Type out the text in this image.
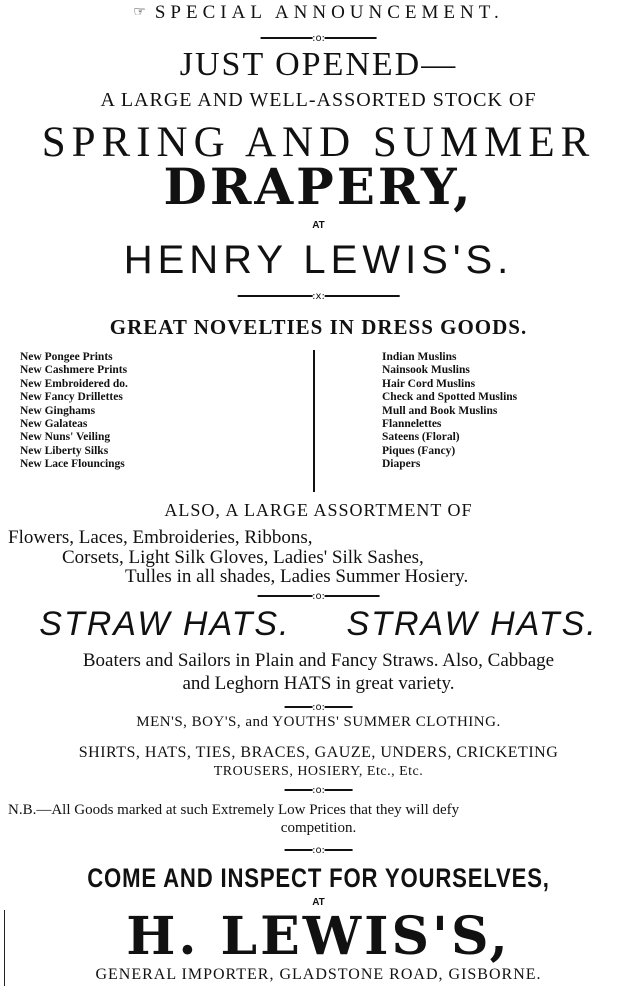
☞ SPECIAL ANNOUNCEMENT.
:o:
JUST OPENED—
A LARGE AND WELL-ASSORTED STOCK OF
SPRING AND SUMMER
DRAPERY,
AT
HENRY LEWIS'S.
:x:
GREAT NOVELTIES IN DRESS GOODS.
New Pongee Prints
New Cashmere Prints
New Embroidered do.
New Fancy Drillettes
New Ginghams
New Galateas
New Nuns' Veiling
New Liberty Silks
New Lace Flouncings
Indian Muslins
Nainsook Muslins
Hair Cord Muslins
Check and Spotted Muslins
Mull and Book Muslins
Flannelettes
Sateens (Floral)
Piques (Fancy)
Diapers
ALSO, A LARGE ASSORTMENT OF
Flowers, Laces, Embroideries, Ribbons,
Corsets, Light Silk Gloves, Ladies' Silk Sashes,
Tulles in all shades, Ladies Summer Hosiery.
:o:
STRAW HATS. STRAW HATS.
Boaters and Sailors in Plain and Fancy Straws. Also, Cabbage
and Leghorn HATS in great variety.
:o:
MEN'S, BOY'S, and YOUTHS' SUMMER CLOTHING.
SHIRTS, HATS, TIES, BRACES, GAUZE, UNDERS, CRICKETING
TROUSERS, HOSIERY, Etc., Etc.
:o:
N.B.—All Goods marked at such Extremely Low Prices that they will defy
competition.
:o:
COME AND INSPECT FOR YOURSELVES,
AT
H. LEWIS'S,
GENERAL IMPORTER, GLADSTONE ROAD, GISBORNE.
